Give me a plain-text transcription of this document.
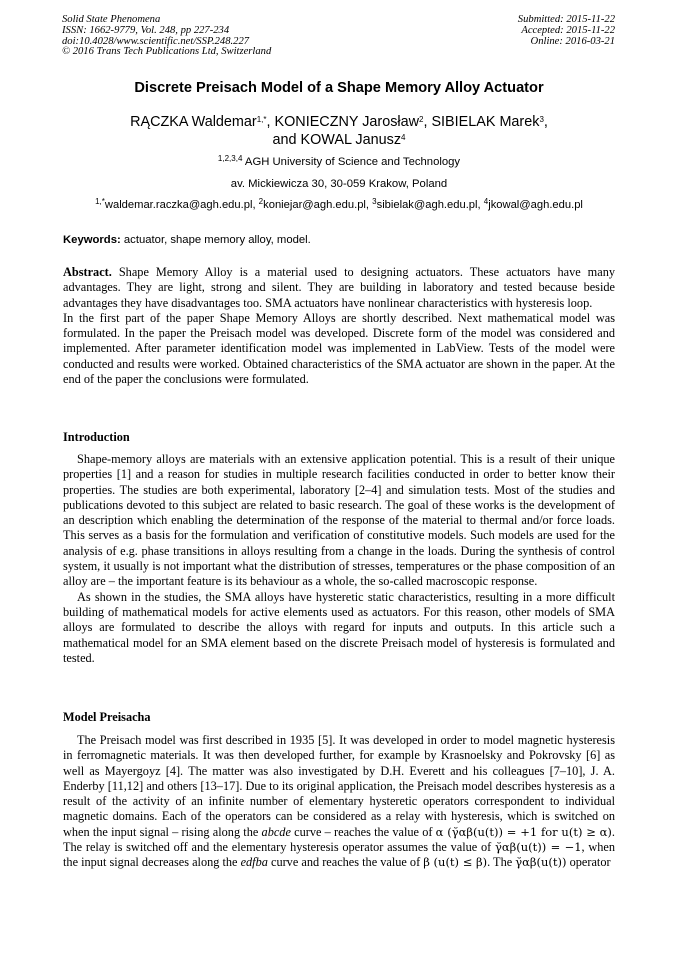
Solid State Phenomena
ISSN: 1662-9779, Vol. 248, pp 227-234
doi:10.4028/www.scientific.net/SSP.248.227
© 2016 Trans Tech Publications Ltd, Switzerland
Submitted: 2015-11-22
Accepted: 2015-11-22
Online: 2016-03-21
Discrete Preisach Model of a Shape Memory Alloy Actuator
RĄCZKA Waldemar$^{1,*}$, KONIECZNY Jarosław$^2$, SIBIELAK Marek$^3$,
and KOWAL Janusz$^4$
$^{1,2,3,4}$ AGH University of Science and Technology
av. Mickiewicza 30, 30-059 Krakow, Poland
$^{1,*}$waldemar.raczka@agh.edu.pl, $^2$koniejar@agh.edu.pl, $^3$sibielak@agh.edu.pl, $^4$jkowal@agh.edu.pl
Keywords: actuator, shape memory alloy, model.

Abstract. Shape Memory Alloy is a material used to designing actuators. These actuators have many advantages. They are light, strong and silent. They are building in laboratory and tested because beside advantages they have disadvantages too. SMA actuators have nonlinear characteristics with hysteresis loop.

In the first part of the paper Shape Memory Alloys are shortly described. Next mathematical model was formulated. In the paper the Preisach model was developed. Discrete form of the model was considered and implemented. After parameter identification model was implemented in LabView. Tests of the model were conducted and results were worked. Obtained characteristics of the SMA actuator are shown in the paper. At the end of the paper the conclusions were formulated.

Introduction

Shape-memory alloys are materials with an extensive application potential. This is a result of their unique properties [1] and a reason for studies in multiple research facilities conducted in order to better know their properties. The studies are both experimental, laboratory [2–4] and simulation tests. Most of the studies and publications devoted to this subject are related to basic research. The goal of these works is the development of an description which enabling the determination of the response of the material to thermal and/or force loads. This serves as a basis for the formulation and verification of constitutive models. Such models are used for the analysis of e.g. phase transitions in alloys resulting from a change in the loads. During the synthesis of control system, it usually is not important what the distribution of stresses, temperatures or the phase composition of an alloy are – the important feature is its behaviour as a whole, the so-called macroscopic response.

As shown in the studies, the SMA alloys have hysteretic static characteristics, resulting in a more difficult building of mathematical models for active elements used as actuators. For this reason, other models of SMA alloys are formulated to describe the alloys with regard for inputs and outputs. In this article such a mathematical model for an SMA element based on the discrete Preisach model of hysteresis is formulated and tested.

Model Preisacha

The Preisach model was first described in 1935 [5]. It was developed in order to model magnetic hysteresis in ferromagnetic materials. It was then developed further, for example by Krasnoelsky and Pokrovsky [6] as well as Mayergoyz [4]. The matter was also investigated by D.H. Everett and his colleagues [7–10], J. A. Enderby [11,12] and others [13–17]. Due to its original application, the Preisach model describes hysteresis as a result of the activity of an infinite number of elementary hysteretic operators correspondent to individual magnetic domains. Each of the operators can be considered as a relay with hysteresis, which is switched on when the input signal – rising along the abcde curve – reaches the value of α (γ̆αβ(u(t)) = +1 for u(t) ≥ α). The relay is switched off and the elementary hysteresis operator assumes the value of γ̆αβ(u(t)) = −1, when the input signal decreases along the edfba curve and reaches the value of β (u(t) ≤ β). The γ̆αβ(u(t)) operator
